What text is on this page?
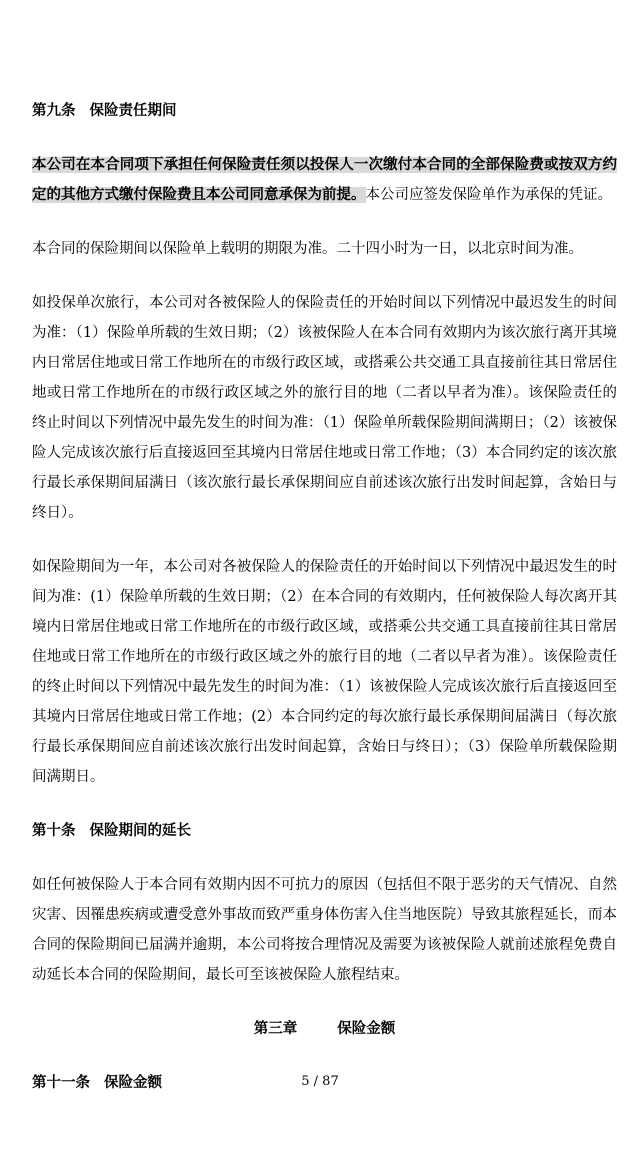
第九条 保险责任期间

本公司在本合同项下承担任何保险责任须以投保人一次缴付本合同的全部保险费或按双方约定的其他方式缴付保险费且本公司同意承保为前提。本公司应签发保险单作为承保的凭证。

本合同的保险期间以保险单上载明的期限为准。二十四小时为一日，以北京时间为准。

如投保单次旅行，本公司对各被保险人的保险责任的开始时间以下列情况中最迟发生的时间为准：（1）保险单所载的生效日期；（2）该被保险人在本合同有效期内为该次旅行离开其境内日常居住地或日常工作地所在的市级行政区域，或搭乘公共交通工具直接前往其日常居住地或日常工作地所在的市级行政区域之外的旅行目的地（二者以早者为准）。该保险责任的终止时间以下列情况中最先发生的时间为准：（1）保险单所载保险期间满期日；（2）该被保险人完成该次旅行后直接返回至其境内日常居住地或日常工作地；（3）本合同约定的该次旅行最长承保期间届满日（该次旅行最长承保期间应自前述该次旅行出发时间起算，含始日与终日）。

如保险期间为一年，本公司对各被保险人的保险责任的开始时间以下列情况中最迟发生的时间为准：(1）保险单所载的生效日期；（2）在本合同的有效期内，任何被保险人每次离开其境内日常居住地或日常工作地所在的市级行政区域，或搭乘公共交通工具直接前往其日常居住地或日常工作地所在的市级行政区域之外的旅行目的地（二者以早者为准）。该保险责任的终止时间以下列情况中最先发生的时间为准：（1）该被保险人完成该次旅行后直接返回至其境内日常居住地或日常工作地；(2）本合同约定的每次旅行最长承保期间届满日（每次旅行最长承保期间应自前述该次旅行出发时间起算，含始日与终日）；（3）保险单所载保险期间满期日。

第十条 保险期间的延长

如任何被保险人于本合同有效期内因不可抗力的原因（包括但不限于恶劣的天气情况、自然灾害、因罹患疾病或遭受意外事故而致严重身体伤害入住当地医院）导致其旅程延长，而本合同的保险期间已届满并逾期，本公司将按合理情况及需要为该被保险人就前述旅程免费自动延长本合同的保险期间，最长可至该被保险人旅程结束。

第三章	保险金额
第十一条 保险金额	5 / 87
